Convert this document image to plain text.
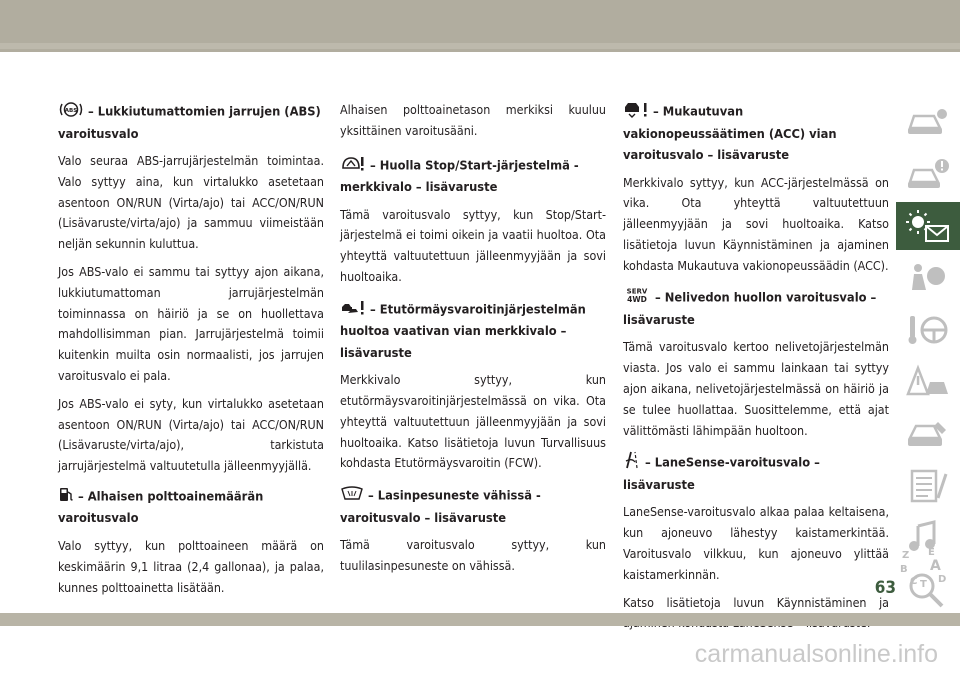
ABS – Lukkiutumattomien jarrujen (ABS) varoitusvalo

Valo seuraa ABS-jarrujärjestelmän toimintaa. Valo syttyy aina, kun virtalukko asetetaan asentoon ON/RUN (Virta/ajo) tai ACC/ON/RUN (Lisävaruste/virta/ajo) ja sammuu viimeistään neljän sekunnin kuluttua.

Jos ABS-valo ei sammu tai syttyy ajon aikana, lukkiutumattoman jarrujärjestelmän toiminnassa on häiriö ja se on huollettava mahdollisimman pian. Jarrujärjestelmä toimii kuitenkin muilta osin normaalisti, jos jarrujen varoitusvalo ei pala.

Jos ABS-valo ei syty, kun virtalukko asetetaan asentoon ON/RUN (Virta/ajo) tai ACC/ON/RUN (Lisävaruste/virta/ajo), tarkistuta jarrujärjestelmä valtuutetulla jälleenmyyjällä.

– Alhaisen polttoainemäärän varoitusvalo

Valo syttyy, kun polttoaineen määrä on keskimäärin 9,1 litraa (2,4 gallonaa), ja palaa, kunnes polttoainetta lisätään.

Alhaisen polttoainetason merkiksi kuuluu yksittäinen varoitusääni.

– Huolla Stop/Start-järjestelmä -merkkivalo – lisävaruste

Tämä varoitusvalo syttyy, kun Stop/Start-järjestelmä ei toimi oikein ja vaatii huoltoa. Ota yhteyttä valtuutettuun jälleenmyyjään ja sovi huoltoaika.

– Etutörmäysvaroitinjärjestelmän huoltoa vaativan vian merkkivalo – lisävaruste

Merkkivalo syttyy, kun etutörmäysvaroitinjärjestelmässä on vika. Ota yhteyttä valtuutettuun jälleenmyyjään ja sovi huoltoaika. Katso lisätietoja luvun Turvallisuus kohdasta Etutörmäysvaroitin (FCW).

– Lasinpesuneste vähissä -varoitusvalo – lisävaruste

Tämä varoitusvalo syttyy, kun tuulilasinpesuneste on vähissä.

– Mukautuvan vakionopeussäätimen (ACC) vian varoitusvalo – lisävaruste

Merkkivalo syttyy, kun ACC-järjestelmässä on vika. Ota yhteyttä valtuutettuun jälleenmyyjään ja sovi huoltoaika. Katso lisätietoja luvun Käynnistäminen ja ajaminen kohdasta Mukautuva vakionopeussäädin (ACC).

SERV
4WD – Nelivedon huollon varoitusvalo – lisävaruste

Tämä varoitusvalo kertoo nelivetojärjestelmän viasta. Jos valo ei sammu lainkaan tai syttyy ajon aikana, nelivetojärjestelmässä on häiriö ja se tulee huollattaa. Suosittelemme, että ajat välittömästi lähimpään huoltoon.

– LaneSense-varoitusvalo – lisävaruste

LaneSense-varoitusvalo alkaa palaa keltaisena, kun ajoneuvo lähestyy kaistamerkintää. Varoitusvalo vilkkuu, kun ajoneuvo ylittää kaistamerkinnän.

Katso lisätietoja luvun Käynnistäminen ja

Z E
B A
C D
T
63
carmanualsonline.info
